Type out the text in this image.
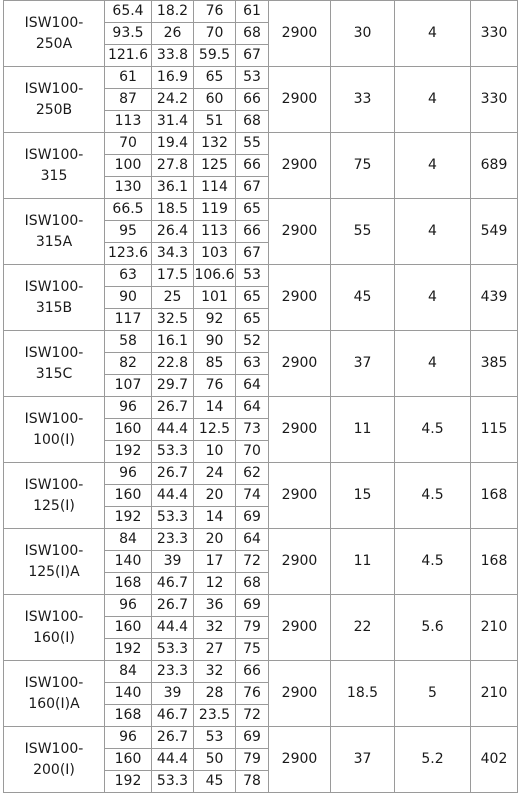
ISW100-
250A	65.4	18.2	76	61	2900	30	4	330
	93.5	26	70	68				
	121.6	33.8	59.5	67				

ISW100-
250B	61	16.9	65	53	2900	33	4	330
	87	24.2	60	66				
	113	31.4	51	68				

ISW100-
315	70	19.4	132	55	2900	75	4	689
	100	27.8	125	66				
	130	36.1	114	67				

ISW100-
315A	66.5	18.5	119	65	2900	55	4	549
	95	26.4	113	66				
	123.6	34.3	103	67				

ISW100-
315B	63	17.5	106.6	53	2900	45	4	439
	90	25	101	65				
	117	32.5	92	65				

ISW100-
315C	58	16.1	90	52	2900	37	4	385
	82	22.8	85	63				
	107	29.7	76	64				

ISW100-
100(I)	96	26.7	14	64	2900	11	4.5	115
	160	44.4	12.5	73				
	192	53.3	10	70				

ISW100-
125(I)	96	26.7	24	62	2900	15	4.5	168
	160	44.4	20	74				
	192	53.3	14	69				

ISW100-
125(I)A	84	23.3	20	64	2900	11	4.5	168
	140	39	17	72				
	168	46.7	12	68				

ISW100-
160(I)	96	26.7	36	69	2900	22	5.6	210
	160	44.4	32	79				
	192	53.3	27	75				

ISW100-
160(I)A	84	23.3	32	66	2900	18.5	5	210
	140	39	28	76				
	168	46.7	23.5	72				

ISW100-
200(I)	96	26.7	53	69	2900	37	5.2	402
	160	44.4	50	79				
	192	53.3	45	78				
